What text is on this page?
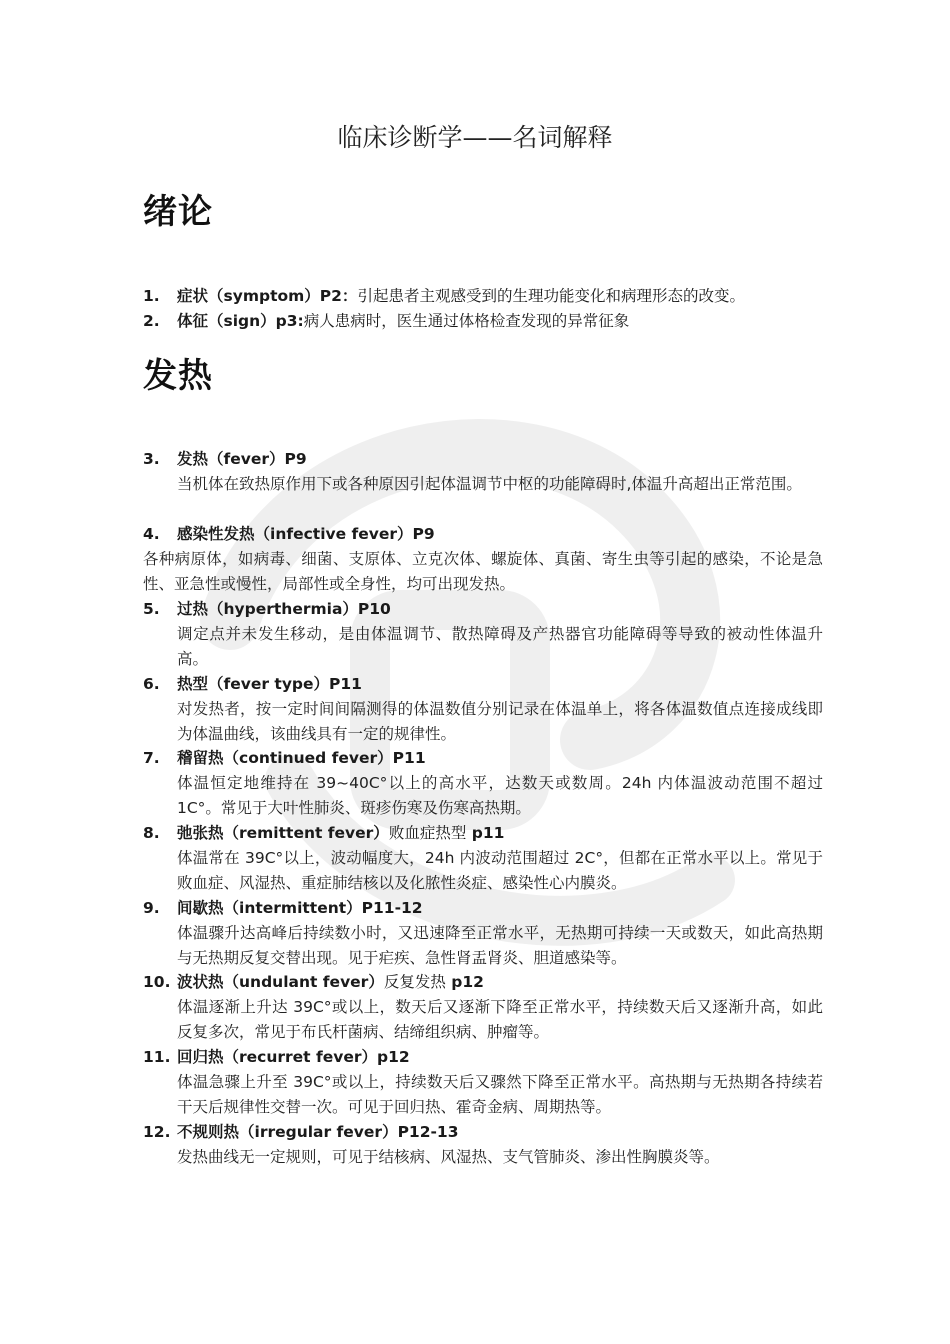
临床诊断学——名词解释
绪论
1. 症状（symptom）P2：引起患者主观感受到的生理功能变化和病理形态的改变。
2. 体征（sign）p3:病人患病时，医生通过体格检查发现的异常征象
发热
3. 发热（fever）P9
当机体在致热原作用下或各种原因引起体温调节中枢的功能障碍时,体温升高超出正常范围。
4. 感染性发热（infective fever）P9
各种病原体，如病毒、细菌、支原体、立克次体、螺旋体、真菌、寄生虫等引起的感染，不论是急性、亚急性或慢性，局部性或全身性，均可出现发热。
5. 过热（hyperthermia）P10
调定点并未发生移动，是由体温调节、散热障碍及产热器官功能障碍等导致的被动性体温升高。
6. 热型（fever type）P11
对发热者，按一定时间间隔测得的体温数值分别记录在体温单上，将各体温数值点连接成线即为体温曲线，该曲线具有一定的规律性。
7. 稽留热（continued fever）P11
体温恒定地维持在 39~40C°以上的高水平，达数天或数周。24h 内体温波动范围不超过1C°。常见于大叶性肺炎、斑疹伤寒及伤寒高热期。
8. 弛张热（remittent fever）败血症热型 p11
体温常在 39C°以上，波动幅度大，24h 内波动范围超过 2C°，但都在正常水平以上。常见于败血症、风湿热、重症肺结核以及化脓性炎症、感染性心内膜炎。
9. 间歇热（intermittent）P11-12
体温骤升达高峰后持续数小时，又迅速降至正常水平，无热期可持续一天或数天，如此高热期与无热期反复交替出现。见于疟疾、急性肾盂肾炎、胆道感染等。
10. 波状热（undulant fever）反复发热 p12
体温逐渐上升达 39C°或以上，数天后又逐渐下降至正常水平，持续数天后又逐渐升高，如此反复多次，常见于布氏杆菌病、结缔组织病、肿瘤等。
11. 回归热（recurret fever）p12
体温急骤上升至 39C°或以上，持续数天后又骤然下降至正常水平。高热期与无热期各持续若干天后规律性交替一次。可见于回归热、霍奇金病、周期热等。
12. 不规则热（irregular fever）P12-13
发热曲线无一定规则，可见于结核病、风湿热、支气管肺炎、渗出性胸膜炎等。
